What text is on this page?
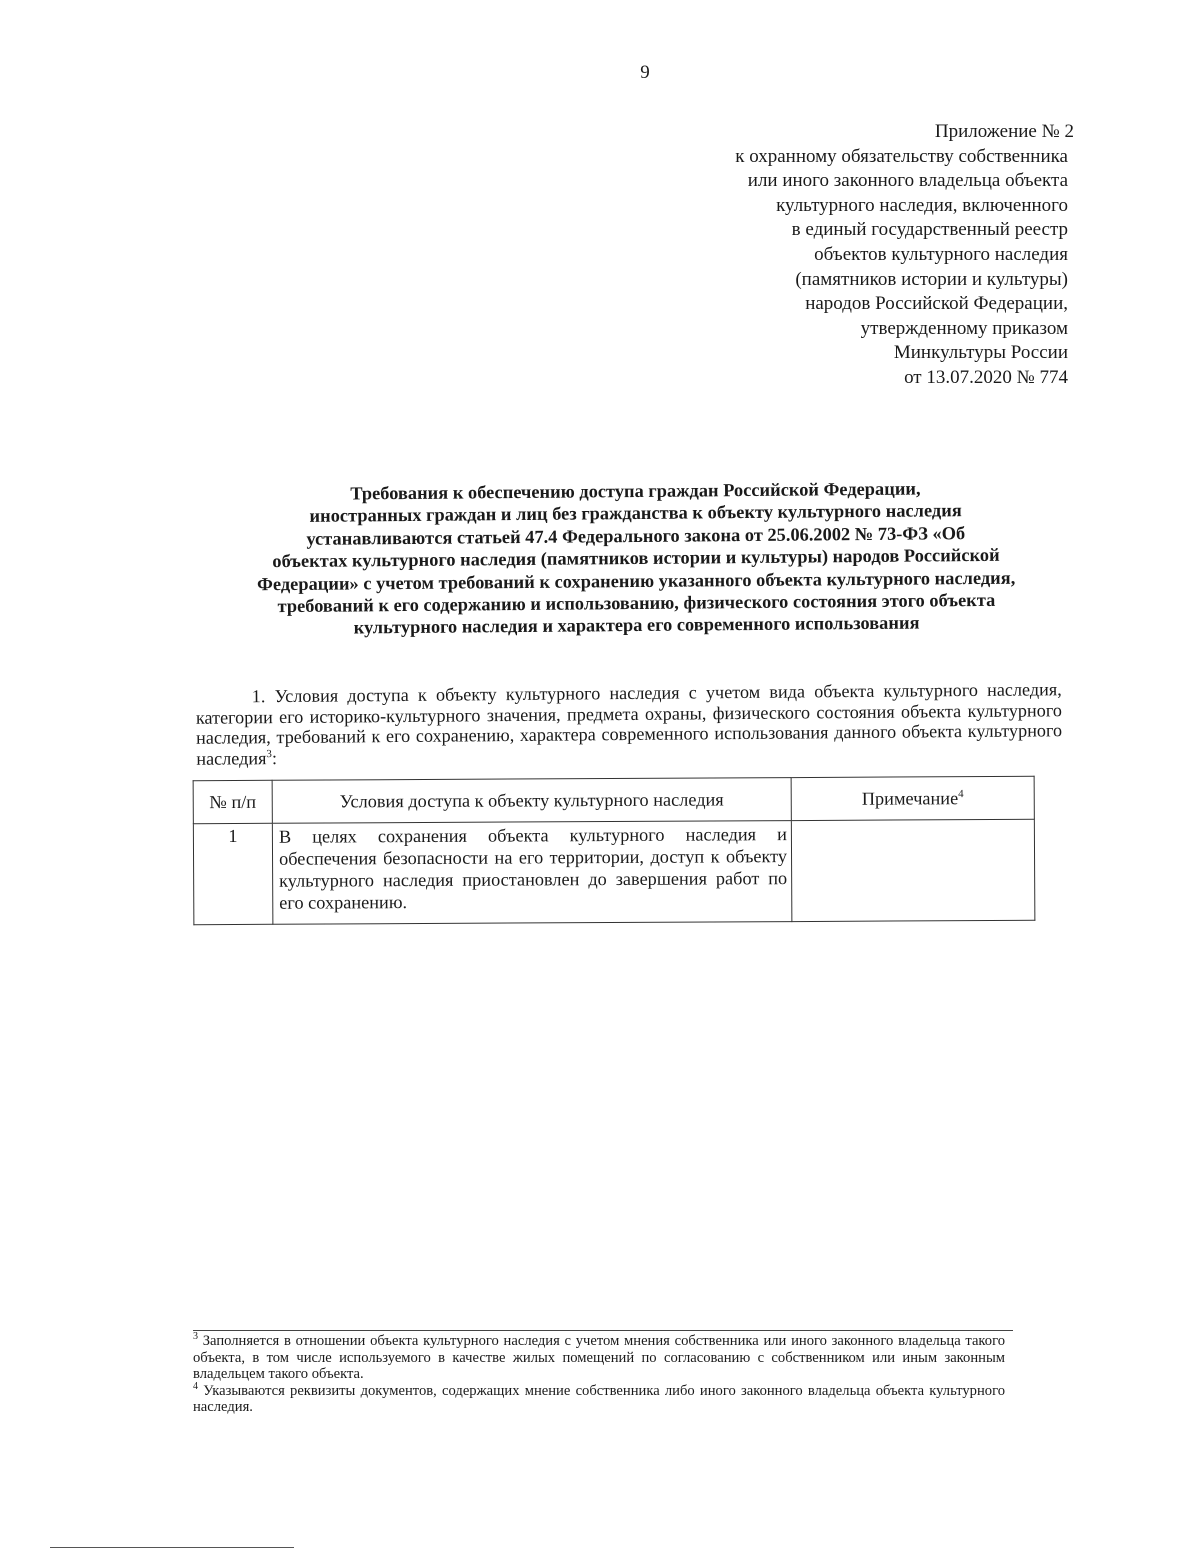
9
Приложение № 2
к охранному обязательству собственника
или иного законного владельца объекта
культурного наследия, включенного
в единый государственный реестр
объектов культурного наследия
(памятников истории и культуры)
народов Российской Федерации,
утвержденному приказом
Минкультуры России
от 13.07.2020 № 774
Требования к обеспечению доступа граждан Российской Федерации,
иностранных граждан и лиц без гражданства к объекту культурного наследия
устанавливаются статьей 47.4 Федерального закона от 25.06.2002 № 73-ФЗ «Об
объектах культурного наследия (памятников истории и культуры) народов Российской
Федерации» с учетом требований к сохранению указанного объекта культурного наследия,
требований к его содержанию и использованию, физического состояния этого объекта
культурного наследия и характера его современного использования
1. Условия доступа к объекту культурного наследия с учетом вида объекта культурного наследия, категории его историко-культурного значения, предмета охраны, физического состояния объекта культурного наследия, требований к его сохранению, характера современного использования данного объекта культурного наследия$^3$:
№ п/п	Условия доступа к объекту культурного наследия	Примечание$^4$
1	В целях сохранения объекта культурного наследия и обеспечения безопасности на его территории, доступ к объекту культурного наследия приостановлен до завершения работ по его сохранению.	

$^3$ Заполняется в отношении объекта культурного наследия с учетом мнения собственника или иного законного владельца такого объекта, в том числе используемого в качестве жилых помещений по согласованию с собственником или иным законным владельцем такого объекта.

$^4$ Указываются реквизиты документов, содержащих мнение собственника либо иного законного владельца объекта культурного наследия.
